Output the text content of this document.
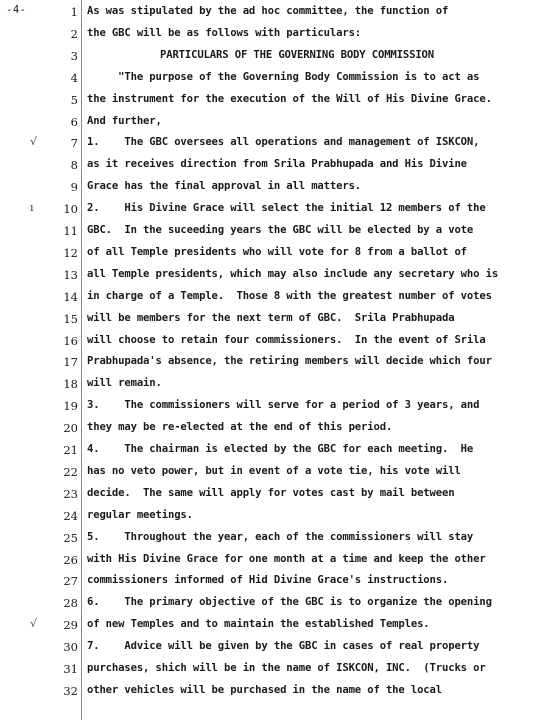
-4-	1 As was stipulated by the ad hoc committee, the function of
2 the GBC will be as follows with particulars:
3	PARTICULARS OF THE GOVERNING BODY COMMISSION
4 "The purpose of the Governing Body Commission is to act as
5 the instrument for the execution of the Will of His Divine Grace.
6 And further,
√	7 1.    The GBC oversees all operations and management of ISKCON,
8 as it receives direction from Srila Prabhupada and His Divine
9 Grace has the final approval in all matters.
ı	10 2.    His Divine Grace will select the initial 12 members of the
11 GBC.  In the suceeding years the GBC will be elected by a vote
12 of all Temple presidents who will vote for 8 from a ballot of
13 all Temple presidents, which may also include any secretary who is
14 in charge of a Temple.  Those 8 with the greatest number of votes
15 will be members for the next term of GBC.  Srila Prabhupada
16 will choose to retain four commissioners.  In the event of Srila
17 Prabhupada's absence, the retiring members will decide which four
18 will remain.
19 3.    The commissioners will serve for a period of 3 years, and
20 they may be re-elected at the end of this period.
21 4.    The chairman is elected by the GBC for each meeting.  He
22 has no veto power, but in event of a vote tie, his vote will
23 decide.  The same will apply for votes cast by mail between
24 regular meetings.
25 5.    Throughout the year, each of the commissioners will stay
26 with His Divine Grace for one month at a time and keep the other
27 commissioners informed of Hid Divine Grace's instructions.
28 6.    The primary objective of the GBC is to organize the opening
√	29 of new Temples and to maintain the established Temples.
30 7.    Advice will be given by the GBC in cases of real property
31 purchases, shich will be in the name of ISKCON, INC.  (Trucks or
32 other vehicles will be purchased in the name of the local
